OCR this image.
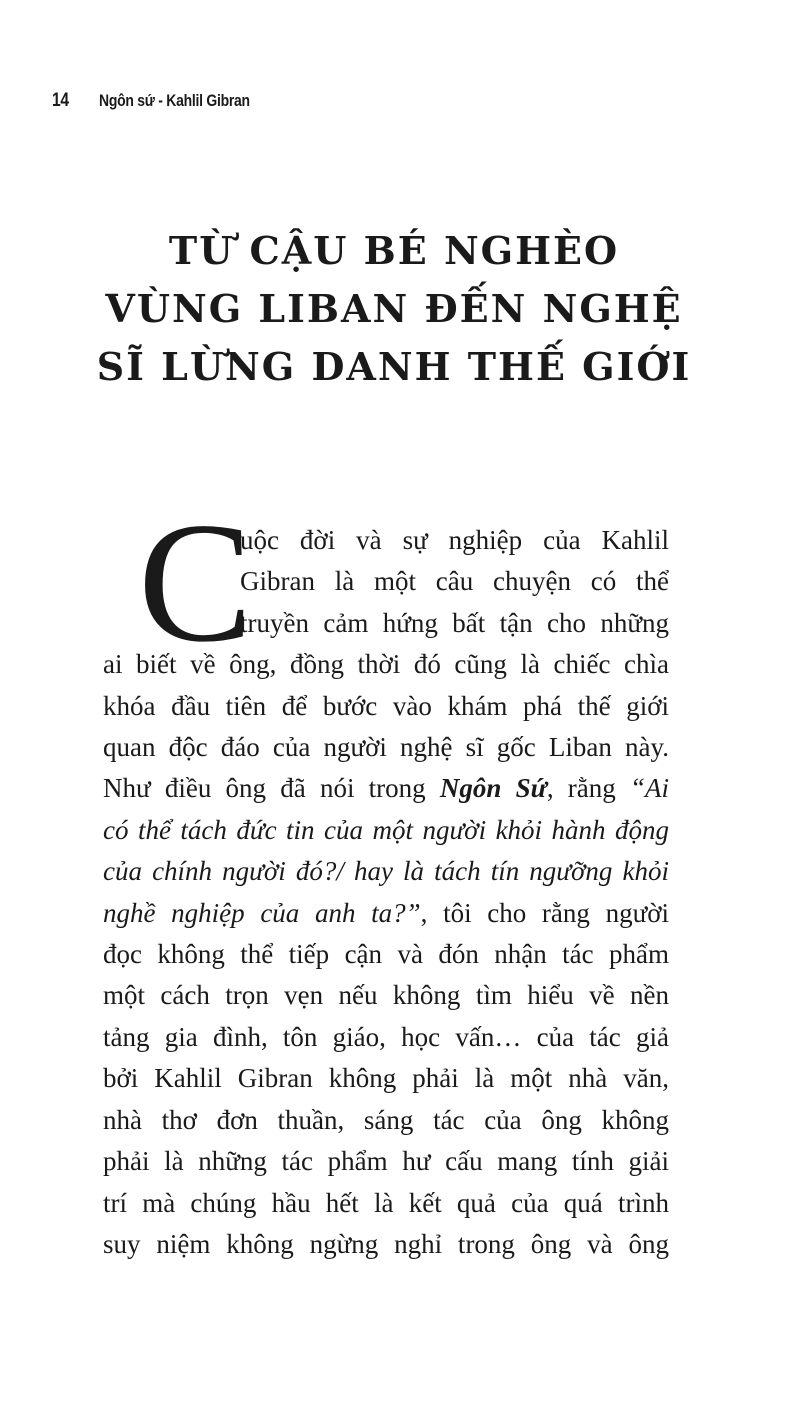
14 Ngôn sứ - Kahlil Gibran
TỪ CẬU BÉ NGHÈO
VÙNG LIBAN ĐẾN NGHỆ
SĨ LỪNG DANH THẾ GIỚI
C
uộc đời và sự nghiệp của Kahlil
Gibran là một câu chuyện có thể
truyền cảm hứng bất tận cho những
ai biết về ông, đồng thời đó cũng là chiếc chìa
khóa đầu tiên để bước vào khám phá thế giới
quan độc đáo của người nghệ sĩ gốc Liban này.
Như điều ông đã nói trong Ngôn Sứ, rằng “Ai
có thể tách đức tin của một người khỏi hành động
của chính người đó?/ hay là tách tín ngưỡng khỏi
nghề nghiệp của anh ta?”, tôi cho rằng người
đọc không thể tiếp cận và đón nhận tác phẩm
một cách trọn vẹn nếu không tìm hiểu về nền
tảng gia đình, tôn giáo, học vấn… của tác giả
bởi Kahlil Gibran không phải là một nhà văn,
nhà thơ đơn thuần, sáng tác của ông không
phải là những tác phẩm hư cấu mang tính giải
trí mà chúng hầu hết là kết quả của quá trình
suy niệm không ngừng nghỉ trong ông và ông
